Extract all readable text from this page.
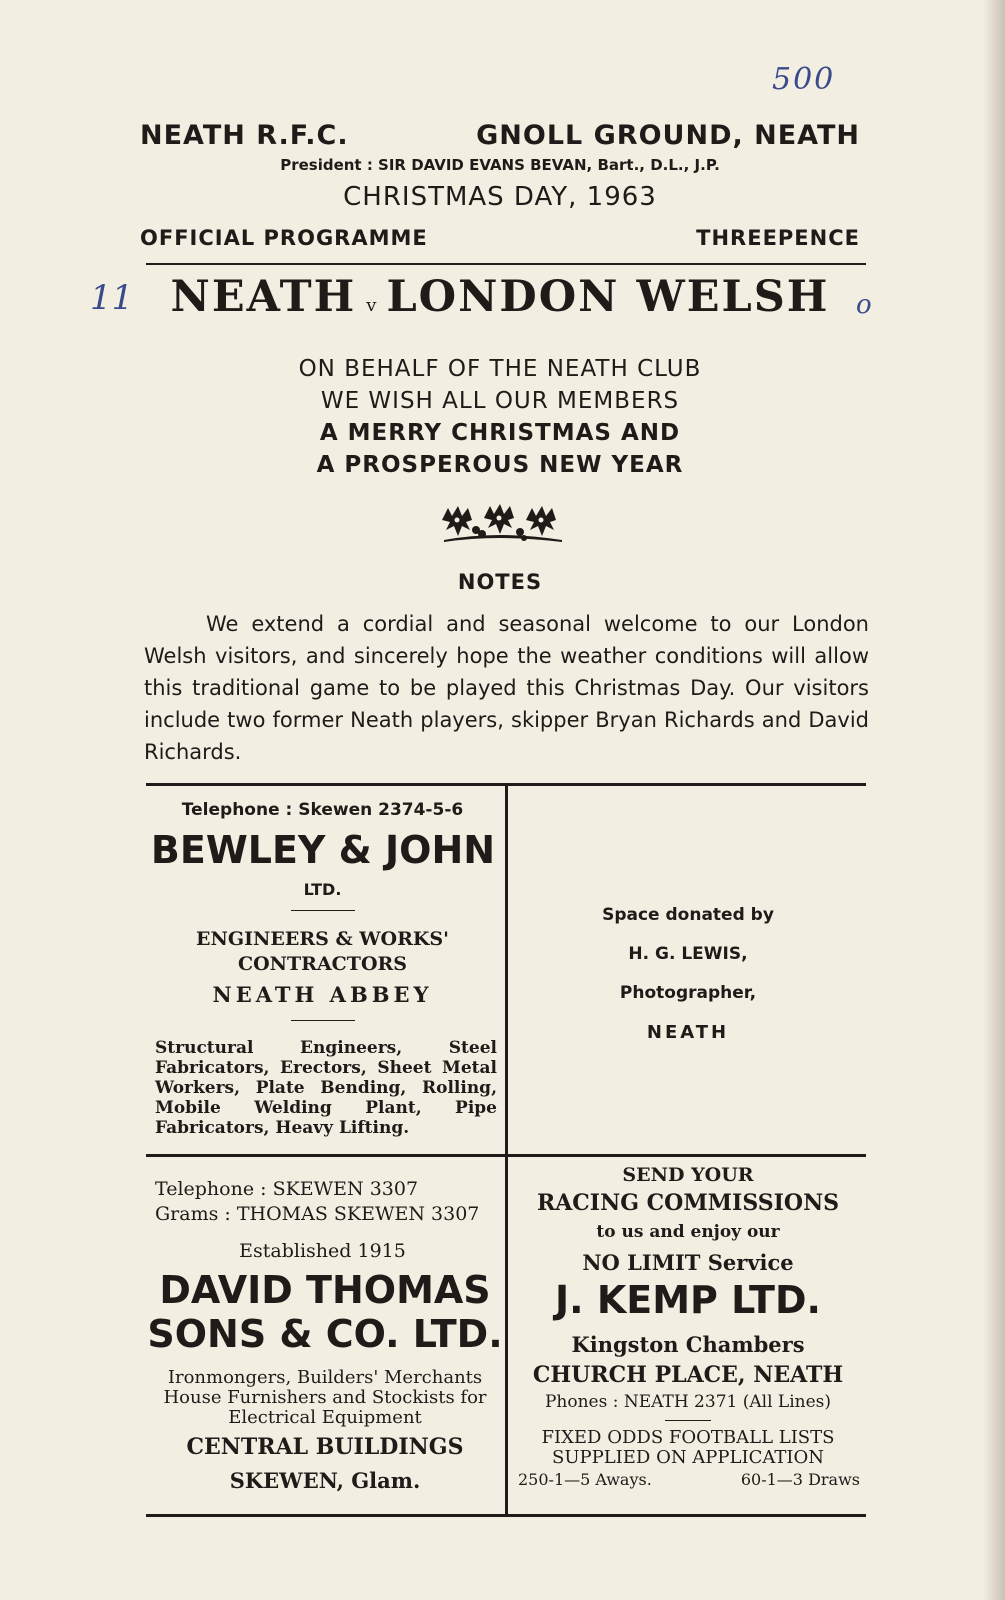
500
11	o
NEATH R.F.C.	GNOLL GROUND, NEATH
President : SIR DAVID EVANS BEVAN, Bart., D.L., J.P.
CHRISTMAS DAY, 1963
OFFICIAL PROGRAMME	THREEPENCE
NEATH v LONDON WELSH
ON BEHALF OF THE NEATH CLUB
WE WISH ALL OUR MEMBERS
A MERRY CHRISTMAS AND
A PROSPEROUS NEW YEAR
NOTES
We extend a cordial and seasonal welcome to our London Welsh visitors, and sincerely hope the weather conditions will allow this traditional game to be played this Christmas Day. Our visitors include two former Neath players, skipper Bryan Richards and David Richards.
Telephone : Skewen 2374-5-6
BEWLEY & JOHN
LTD.
ENGINEERS & WORKS'
CONTRACTORS
NEATH ABBEY
Structural Engineers, Steel Fabricators, Erectors, Sheet Metal Workers, Plate Bending, Rolling, Mobile Welding Plant, Pipe Fabricators, Heavy Lifting.
Space donated by
H. G. LEWIS,
Photographer,
NEATH
Telephone : SKEWEN 3307
Grams : THOMAS SKEWEN 3307
Established 1915
DAVID THOMAS
SONS & CO. LTD.
Ironmongers, Builders' Merchants
House Furnishers and Stockists for
Electrical Equipment
CENTRAL BUILDINGS
SKEWEN, Glam.
SEND YOUR
RACING COMMISSIONS
to us and enjoy our
NO LIMIT Service
J. KEMP LTD.
Kingston Chambers
CHURCH PLACE, NEATH
Phones : NEATH 2371 (All Lines)
FIXED ODDS FOOTBALL LISTS
SUPPLIED ON APPLICATION
250-1—5 Aways.	60-1—3 Draws
